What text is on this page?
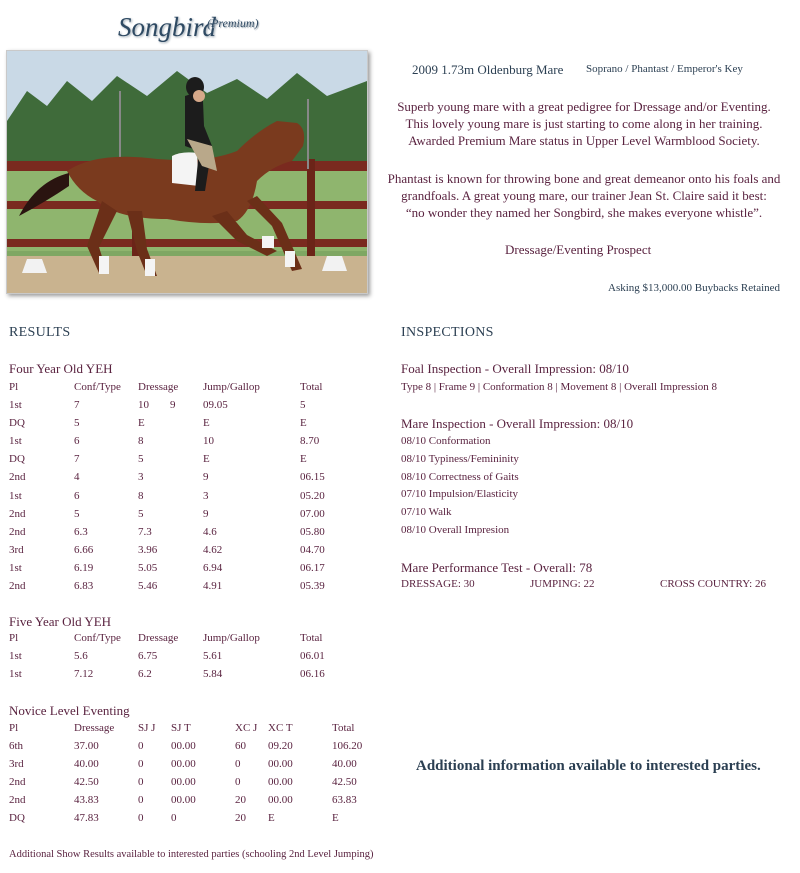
Songbird
(Premium)
2009 1.73m Oldenburg Mare Soprano / Phantast / Emperor's Key
Superb young mare with a great pedigree for Dressage and/or Eventing.
This lovely young mare is just starting to come along in her training.
Awarded Premium Mare status in Upper Level Warmblood Society.
Phantast is known for throwing bone and great demeanor onto his foals and
grandfoals. A great young mare, our trainer Jean St. Claire said it best:
“no wonder they named her Songbird, she makes everyone whistle”.
Dressage/Eventing Prospect
Asking $13,000.00 Buybacks Retained
RESULTS
Four Year Old YEH
Pl	Conf/Type Dressage Jump/Gallop	Total
1st	7	10 9	09.05	5
DQ	5	E	E	E
1st	6	8	10	8.70
DQ	7	5	E	E
2nd	4	3	9	06.15
1st	6	8	3	05.20
2nd	5	5	9	07.00
2nd	6.3	7.3	4.6	05.80
3rd	6.66	3.96	4.62	04.70
1st	6.19	5.05	6.94	06.17
2nd	6.83	5.46	4.91	05.39
Five Year Old YEH
Pl	Conf/Type Dressage Jump/Gallop	Total
1st	5.6	6.75	5.61	06.01
1st	7.12	6.2	5.84	06.16
Novice Level Eventing
Pl	Dressage SJ J SJ T	XC J XC T	Total
6th	37.00	0	00.00	60 09.20	106.20
3rd	40.00	0	00.00	0	00.00	40.00
2nd	42.50	0	00.00	0	00.00	42.50
2nd	43.83	0	00.00	20 00.00	63.83
DQ	47.83	0	0	20 E	E
Additional Show Results available to interested parties (schooling 2nd Level Jumping)
INSPECTIONS
Foal Inspection - Overall Impression: 08/10
Type 8 | Frame 9 | Conformation 8 | Movement 8 | Overall Impression 8
Mare Inspection - Overall Impression: 08/10
08/10 Conformation
08/10 Typiness/Femininity
08/10 Correctness of Gaits
07/10 Impulsion/Elasticity
07/10 Walk
08/10 Overall Impresion
Mare Performance Test - Overall: 78
DRESSAGE: 30	JUMPING: 22	CROSS COUNTRY: 26
Additional information available to interested parties.
